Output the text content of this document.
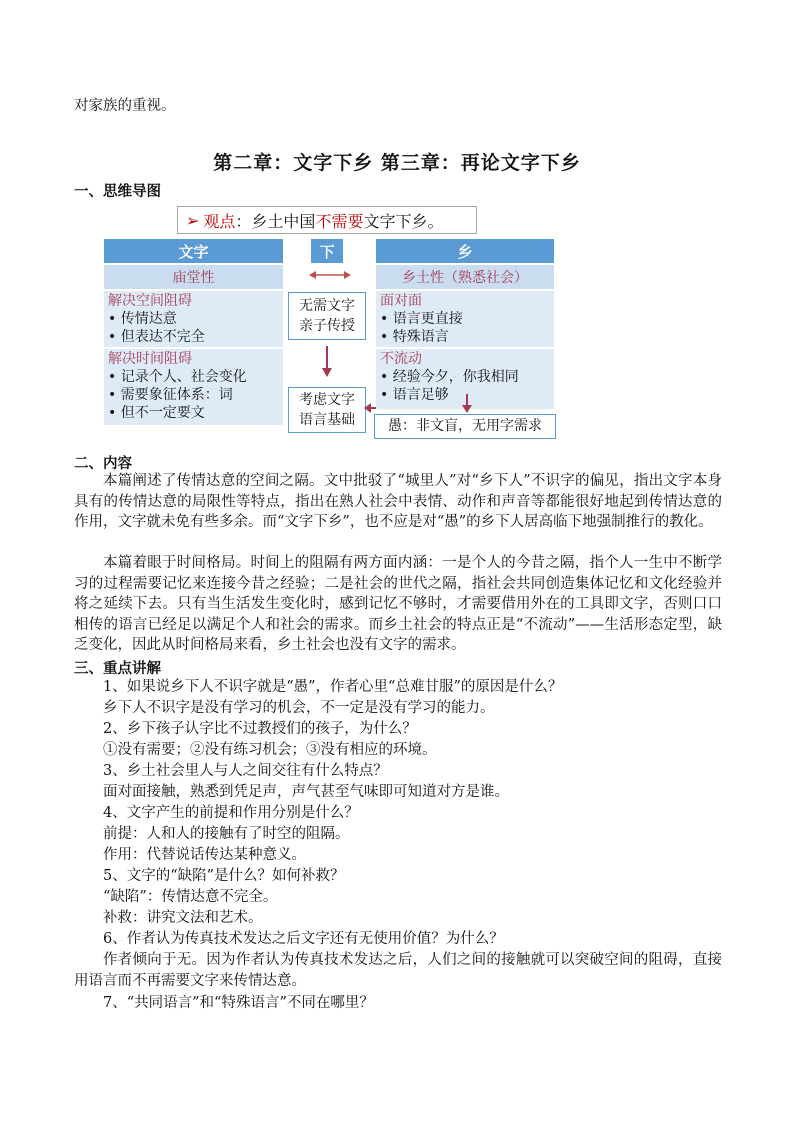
对家族的重视。
第二章：文字下乡 第三章：再论文字下乡
一、思维导图
➢ 观点 ：乡土中国 不需要 文字下乡。
文字
庙堂性
解决空间阻碍
• 传情达意
• 但表达不完全
解决时间阻碍
• 记录个人、社会变化
• 需要象征体系：词
• 但不一定要文
下
无需文字
亲子传授
考虑文字
语言基础
乡
乡土性（熟悉社会）
面对面
• 语言更直接
• 特殊语言
不流动
• 经验今夕，你我相同
• 语言足够
愚：非文盲，无用字需求
二、内容
本篇阐述了传情达意的空间之隔。文中批驳了“城里人”对“乡下人”不识字的偏见，指出文字本身具有的传情达意的局限性等特点，指出在熟人社会中表情、动作和声音等都能很好地起到传情达意的作用，文字就未免有些多余。而“文字下乡”，也不应是对“愚”的乡下人居高临下地强制推行的教化。
本篇着眼于时间格局。时间上的阻隔有两方面内涵：一是个人的今昔之隔，指个人一生中不断学习的过程需要记忆来连接今昔之经验；二是社会的世代之隔，指社会共同创造集体记忆和文化经验并将之延续下去。只有当生活发生变化时，感到记忆不够时，才需要借用外在的工具即文字，否则口口相传的语言已经足以满足个人和社会的需求。而乡土社会的特点正是“不流动”——生活形态定型，缺乏变化，因此从时间格局来看，乡土社会也没有文字的需求。
三、重点讲解
1、如果说乡下人不识字就是“愚”，作者心里“总难甘服”的原因是什么？
乡下人不识字是没有学习的机会，不一定是没有学习的能力。
2、乡下孩子认字比不过教授们的孩子，为什么？
①没有需要；②没有练习机会；③没有相应的环境。
3、乡土社会里人与人之间交往有什么特点？
面对面接触，熟悉到凭足声，声气甚至气味即可知道对方是谁。
4、文字产生的前提和作用分别是什么？
前提：人和人的接触有了时空的阻隔。
作用：代替说话传达某种意义。
5、文字的“缺陷”是什么？如何补救？
“缺陷”：传情达意不完全。
补救：讲究文法和艺术。
6、作者认为传真技术发达之后文字还有无使用价值？为什么？
作者倾向于无。因为作者认为传真技术发达之后，人们之间的接触就可以突破空间的阻碍，直接用语言而不再需要文字来传情达意。
7、“共同语言”和“特殊语言”不同在哪里？
